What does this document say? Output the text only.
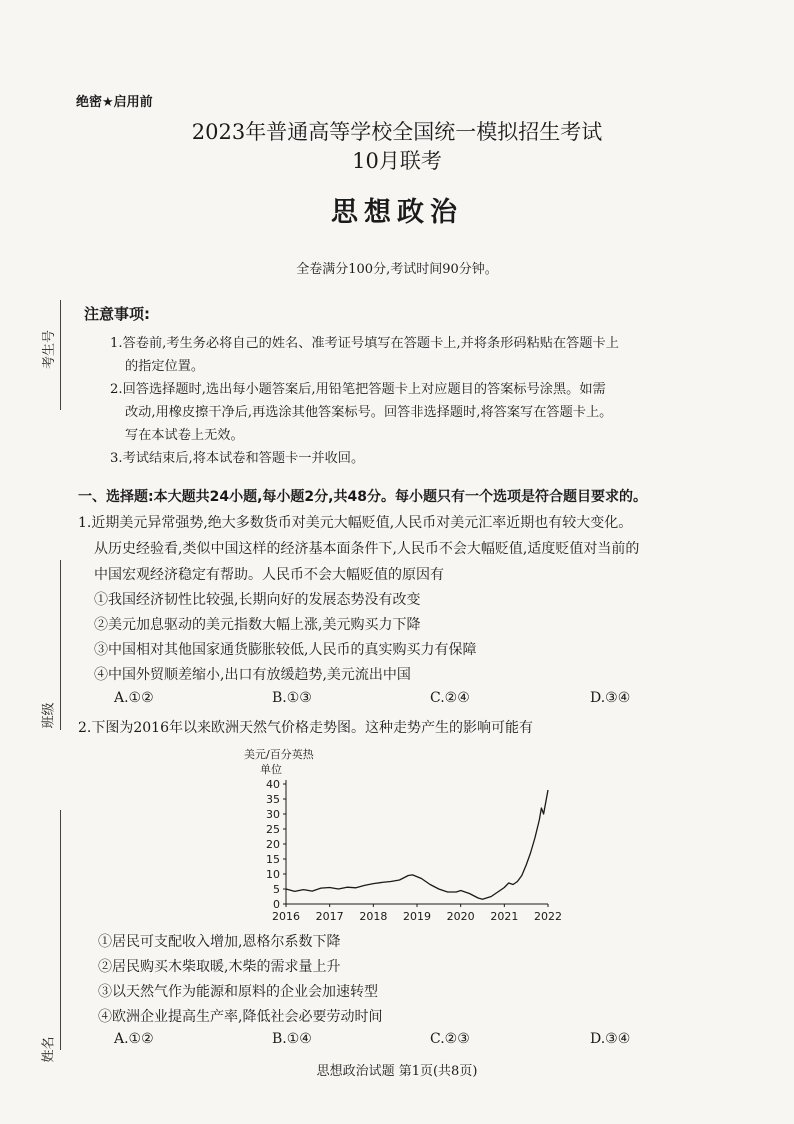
考生号
班级
姓名
绝密★启用前
2023年普通高等学校全国统一模拟招生考试
10月联考
思想政治
全卷满分100分,考试时间90分钟。
注意事项:
1.答卷前,考生务必将自己的姓名、准考证号填写在答题卡上,并将条形码粘贴在答题卡上
的指定位置。
2.回答选择题时,选出每小题答案后,用铅笔把答题卡上对应题目的答案标号涂黑。如需
改动,用橡皮擦干净后,再选涂其他答案标号。回答非选择题时,将答案写在答题卡上。
写在本试卷上无效。
3.考试结束后,将本试卷和答题卡一并收回。
一、选择题:本大题共24小题,每小题2分,共48分。每小题只有一个选项是符合题目要求的。
1.近期美元异常强势,绝大多数货币对美元大幅贬值,人民币对美元汇率近期也有较大变化。
从历史经验看,类似中国这样的经济基本面条件下,人民币不会大幅贬值,适度贬值对当前的
中国宏观经济稳定有帮助。人民币不会大幅贬值的原因有
①我国经济韧性比较强,长期向好的发展态势没有改变
②美元加息驱动的美元指数大幅上涨,美元购买力下降
③中国相对其他国家通货膨胀较低,人民币的真实购买力有保障
④中国外贸顺差缩小,出口有放缓趋势,美元流出中国
A.①②	B.①③	C.②④	D.③④
2.下图为2016年以来欧洲天然气价格走势图。这种走势产生的影响可能有
美元/百分英热
单位
0
5
10
15
20
25
30
35
40
2016 2017 2018 2019 2020 2021 2022
①居民可支配收入增加,恩格尔系数下降
②居民购买木柴取暖,木柴的需求量上升
③以天然气作为能源和原料的企业会加速转型
④欧洲企业提高生产率,降低社会必要劳动时间
A.①②	B.①④	C.②③	D.③④
思想政治试题 第1页(共8页)
